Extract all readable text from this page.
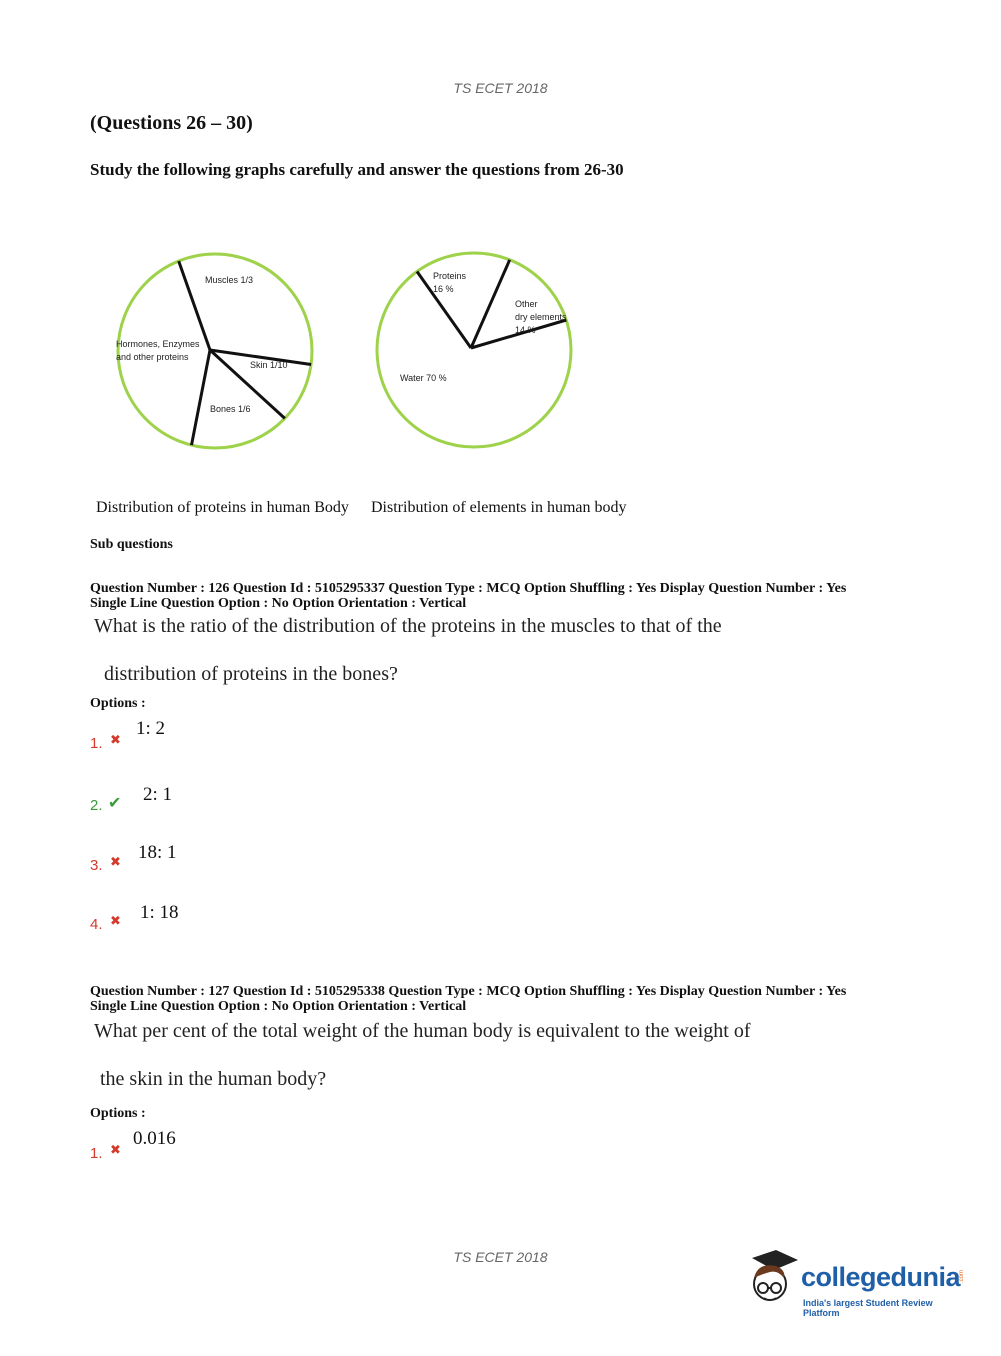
TS ECET 2018
(Questions 26 – 30)
Study the following graphs carefully and answer the questions from 26-30
Muscles 1/3
Skin 1/10
Bones 1/6
Hormones, Enzymes and other proteins
Proteins 16 %
Other dry elements 14 %
Water 70 %
Distribution of proteins in human Body Distribution of elements in human body
Sub questions
Question Number : 126 Question Id : 5105295337 Question Type : MCQ Option Shuffling : Yes Display Question Number : Yes
Single Line Question Option : No Option Orientation : Vertical
What is the ratio of the distribution of the proteins in the muscles to that of the
distribution of proteins in the bones?
Options :
1. ✖
1: 2
2. ✔ 2: 1
3. ✖ 18: 1
4. ✖ 1: 18
Question Number : 127 Question Id : 5105295338 Question Type : MCQ Option Shuffling : Yes Display Question Number : Yes
Single Line Question Option : No Option Orientation : Vertical
What per cent of the total weight of the human body is equivalent to the weight of
the skin in the human body?
Options :
1. ✖
0.016
TS ECET 2018
collegedunia
.com
India's largest Student Review Platform
